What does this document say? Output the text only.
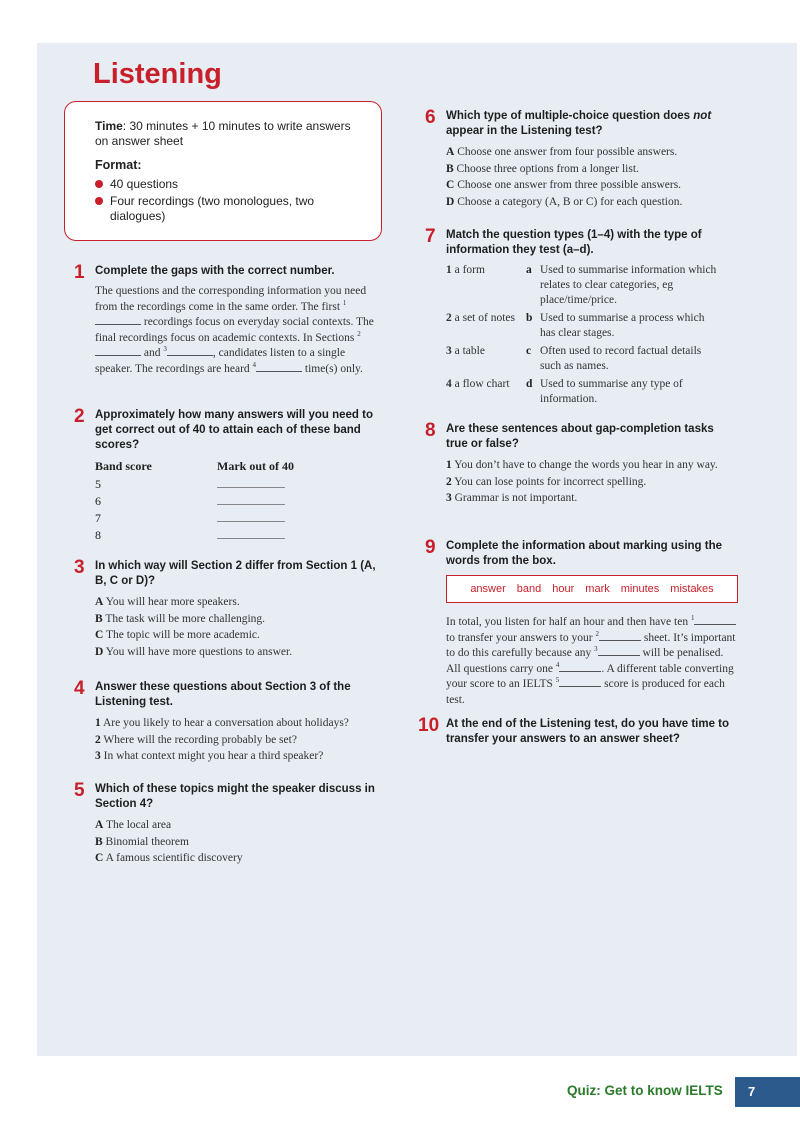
Listening

Time: 30 minutes + 10 minutes to write answers on answer sheet

Format:

40 questions
Four recordings (two monologues, two dialogues)
1 Complete the gaps with the correct number.

The questions and the corresponding information you need from the recordings come in the same order. The first $^1$ recordings focus on everyday social contexts. The final recordings focus on academic contexts. In Sections $^2$ and $^3$	, candidates listen to a single speaker. The recordings are heard $^4$	time(s) only.

2 Approximately how many answers will you need to get correct out of 40 to attain each of these band scores?
Band score	Mark out of 40
5	
6	
7	
8	
3 In which way will Section 2 differ from Section 1 (A, B, C or D)?
A You will hear more speakers.
B The task will be more challenging.
C The topic will be more academic.
D You will have more questions to answer.
4 Answer these questions about Section 3 of the Listening test.
1 Are you likely to hear a conversation about holidays?
2 Where will the recording probably be set?
3 In what context might you hear a third speaker?
5 Which of these topics might the speaker discuss in Section 4?
A The local area
B Binomial theorem
C A famous scientific discovery
6 Which type of multiple-choice question does not appear in the Listening test?
A Choose one answer from four possible answers.
B Choose three options from a longer list.
C Choose one answer from three possible answers.
D Choose a category (A, B or C) for each question.
7 Match the question types (1–4) with the type of information they test (a–d).
1 a form	a	Used to summarise information which relates to clear categories, eg place/time/price.
2 a set of notes	b	Used to summarise a process which has clear stages.
3 a table	c	Often used to record factual details such as names.
4 a flow chart	d	Used to summarise any type of information.
8 Are these sentences about gap-completion tasks true or false?
1 You don’t have to change the words you hear in any way.
2 You can lose points for incorrect spelling.
3 Grammar is not important.
9 Complete the information about marking using the words from the box.
answer band hour mark minutes mistakes

In total, you listen for half an hour and then have ten $^1$ to transfer your answers to your $^2$	sheet. It’s important to do this carefully because any $^3$	will be penalised. All questions carry one $^4$	. A different table converting your score to an IELTS $^5$	score is produced for each test.

10 At the end of the Listening test, do you have time to transfer your answers to an answer sheet?
Quiz: Get to know IELTS 7
